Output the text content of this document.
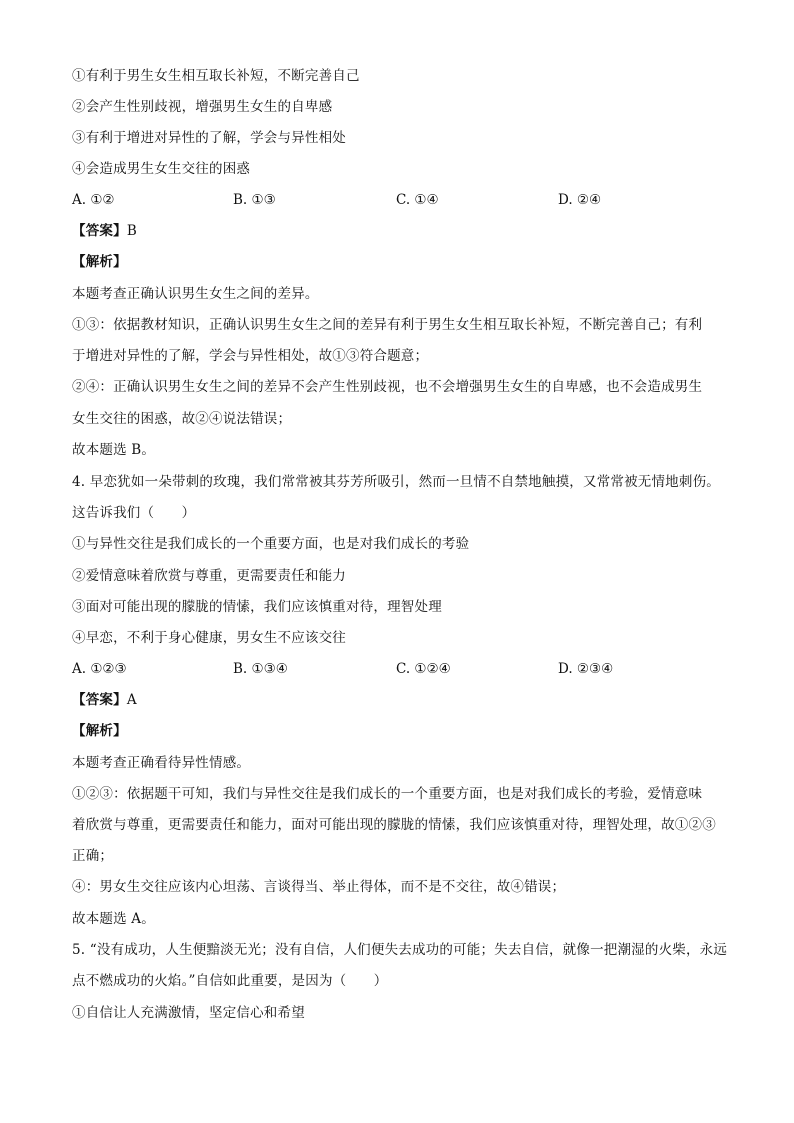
①有利于男生女生相互取长补短，不断完善自己
②会产生性别歧视，增强男生女生的自卑感
③有利于增进对异性的了解，学会与异性相处
④会造成男生女生交往的困惑
A. ①②	B. ①③	C. ①④	D. ②④
【答案】B
【解析】
本题考查正确认识男生女生之间的差异。
①③：依据教材知识，正确认识男生女生之间的差异有利于男生女生相互取长补短，不断完善自己；有利
于增进对异性的了解，学会与异性相处，故①③符合题意；
②④：正确认识男生女生之间的差异不会产生性别歧视，也不会增强男生女生的自卑感，也不会造成男生
女生交往的困惑，故②④说法错误；
故本题选 B。
4. 早恋犹如一朵带刺的玫瑰，我们常常被其芬芳所吸引，然而一旦情不自禁地触摸，又常常被无情地刺伤。
这告诉我们（　　）
①与异性交往是我们成长的一个重要方面，也是对我们成长的考验
②爱情意味着欣赏与尊重，更需要责任和能力
③面对可能出现的朦胧的情愫，我们应该慎重对待，理智处理
④早恋，不利于身心健康，男女生不应该交往
A. ①②③	B. ①③④	C. ①②④	D. ②③④
【答案】A
【解析】
本题考查正确看待异性情感。
①②③：依据题干可知，我们与异性交往是我们成长的一个重要方面，也是对我们成长的考验，爱情意味
着欣赏与尊重，更需要责任和能力，面对可能出现的朦胧的情愫，我们应该慎重对待，理智处理，故①②③
正确；
④：男女生交往应该内心坦荡、言谈得当、举止得体，而不是不交往，故④错误；
故本题选 A。
5. “没有成功，人生便黯淡无光；没有自信，人们便失去成功的可能；失去自信，就像一把潮湿的火柴，永远
点不燃成功的火焰。”自信如此重要，是因为（　　）
①自信让人充满激情，坚定信心和希望
